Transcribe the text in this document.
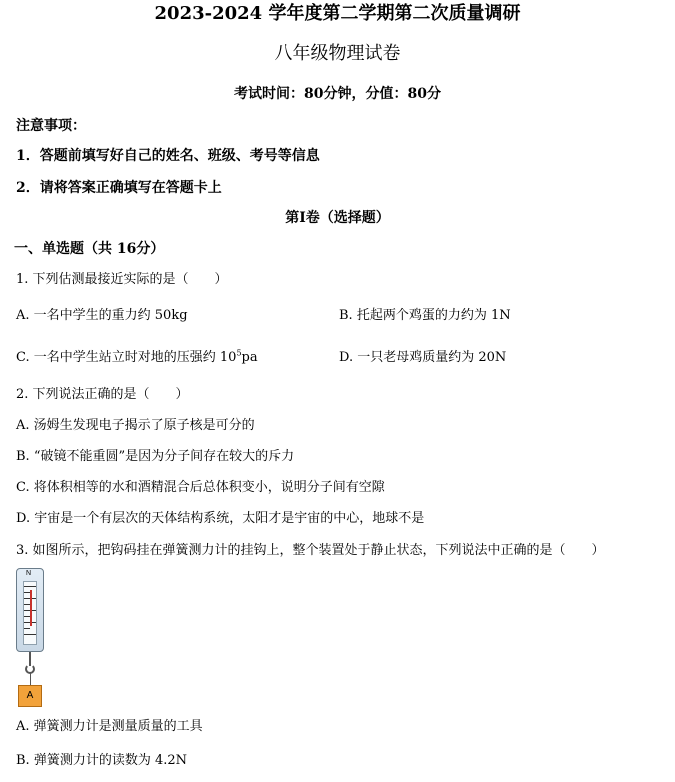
2023-2024 学年度第二学期第二次质量调研
八年级物理试卷
考试时间：80分钟，分值：80分
注意事项：
1．答题前填写好自己的姓名、班级、考号等信息
2．请将答案正确填写在答题卡上
第Ⅰ卷（选择题）
一、单选题（共 16分）
1. 下列估测最接近实际的是（　　）
A. 一名中学生的重力约 50kg	B. 托起两个鸡蛋的力约为 1N
C. 一名中学生站立时对地的压强约 $10^5pa$	D. 一只老母鸡质量约为 20N
2. 下列说法正确的是（　　）
A. 汤姆生发现电子揭示了原子核是可分的
B. “破镜不能重圆”是因为分子间存在较大的斥力
C. 将体积相等的水和酒精混合后总体积变小，说明分子间有空隙
D. 宇宙是一个有层次的天体结构系统，太阳才是宇宙的中心，地球不是
3. 如图所示，把钩码挂在弹簧测力计的挂钩上，整个装置处于静止状态，下列说法中正确的是（　　）
N
A
A. 弹簧测力计是测量质量的工具
B. 弹簧测力计的读数为 4.2N
